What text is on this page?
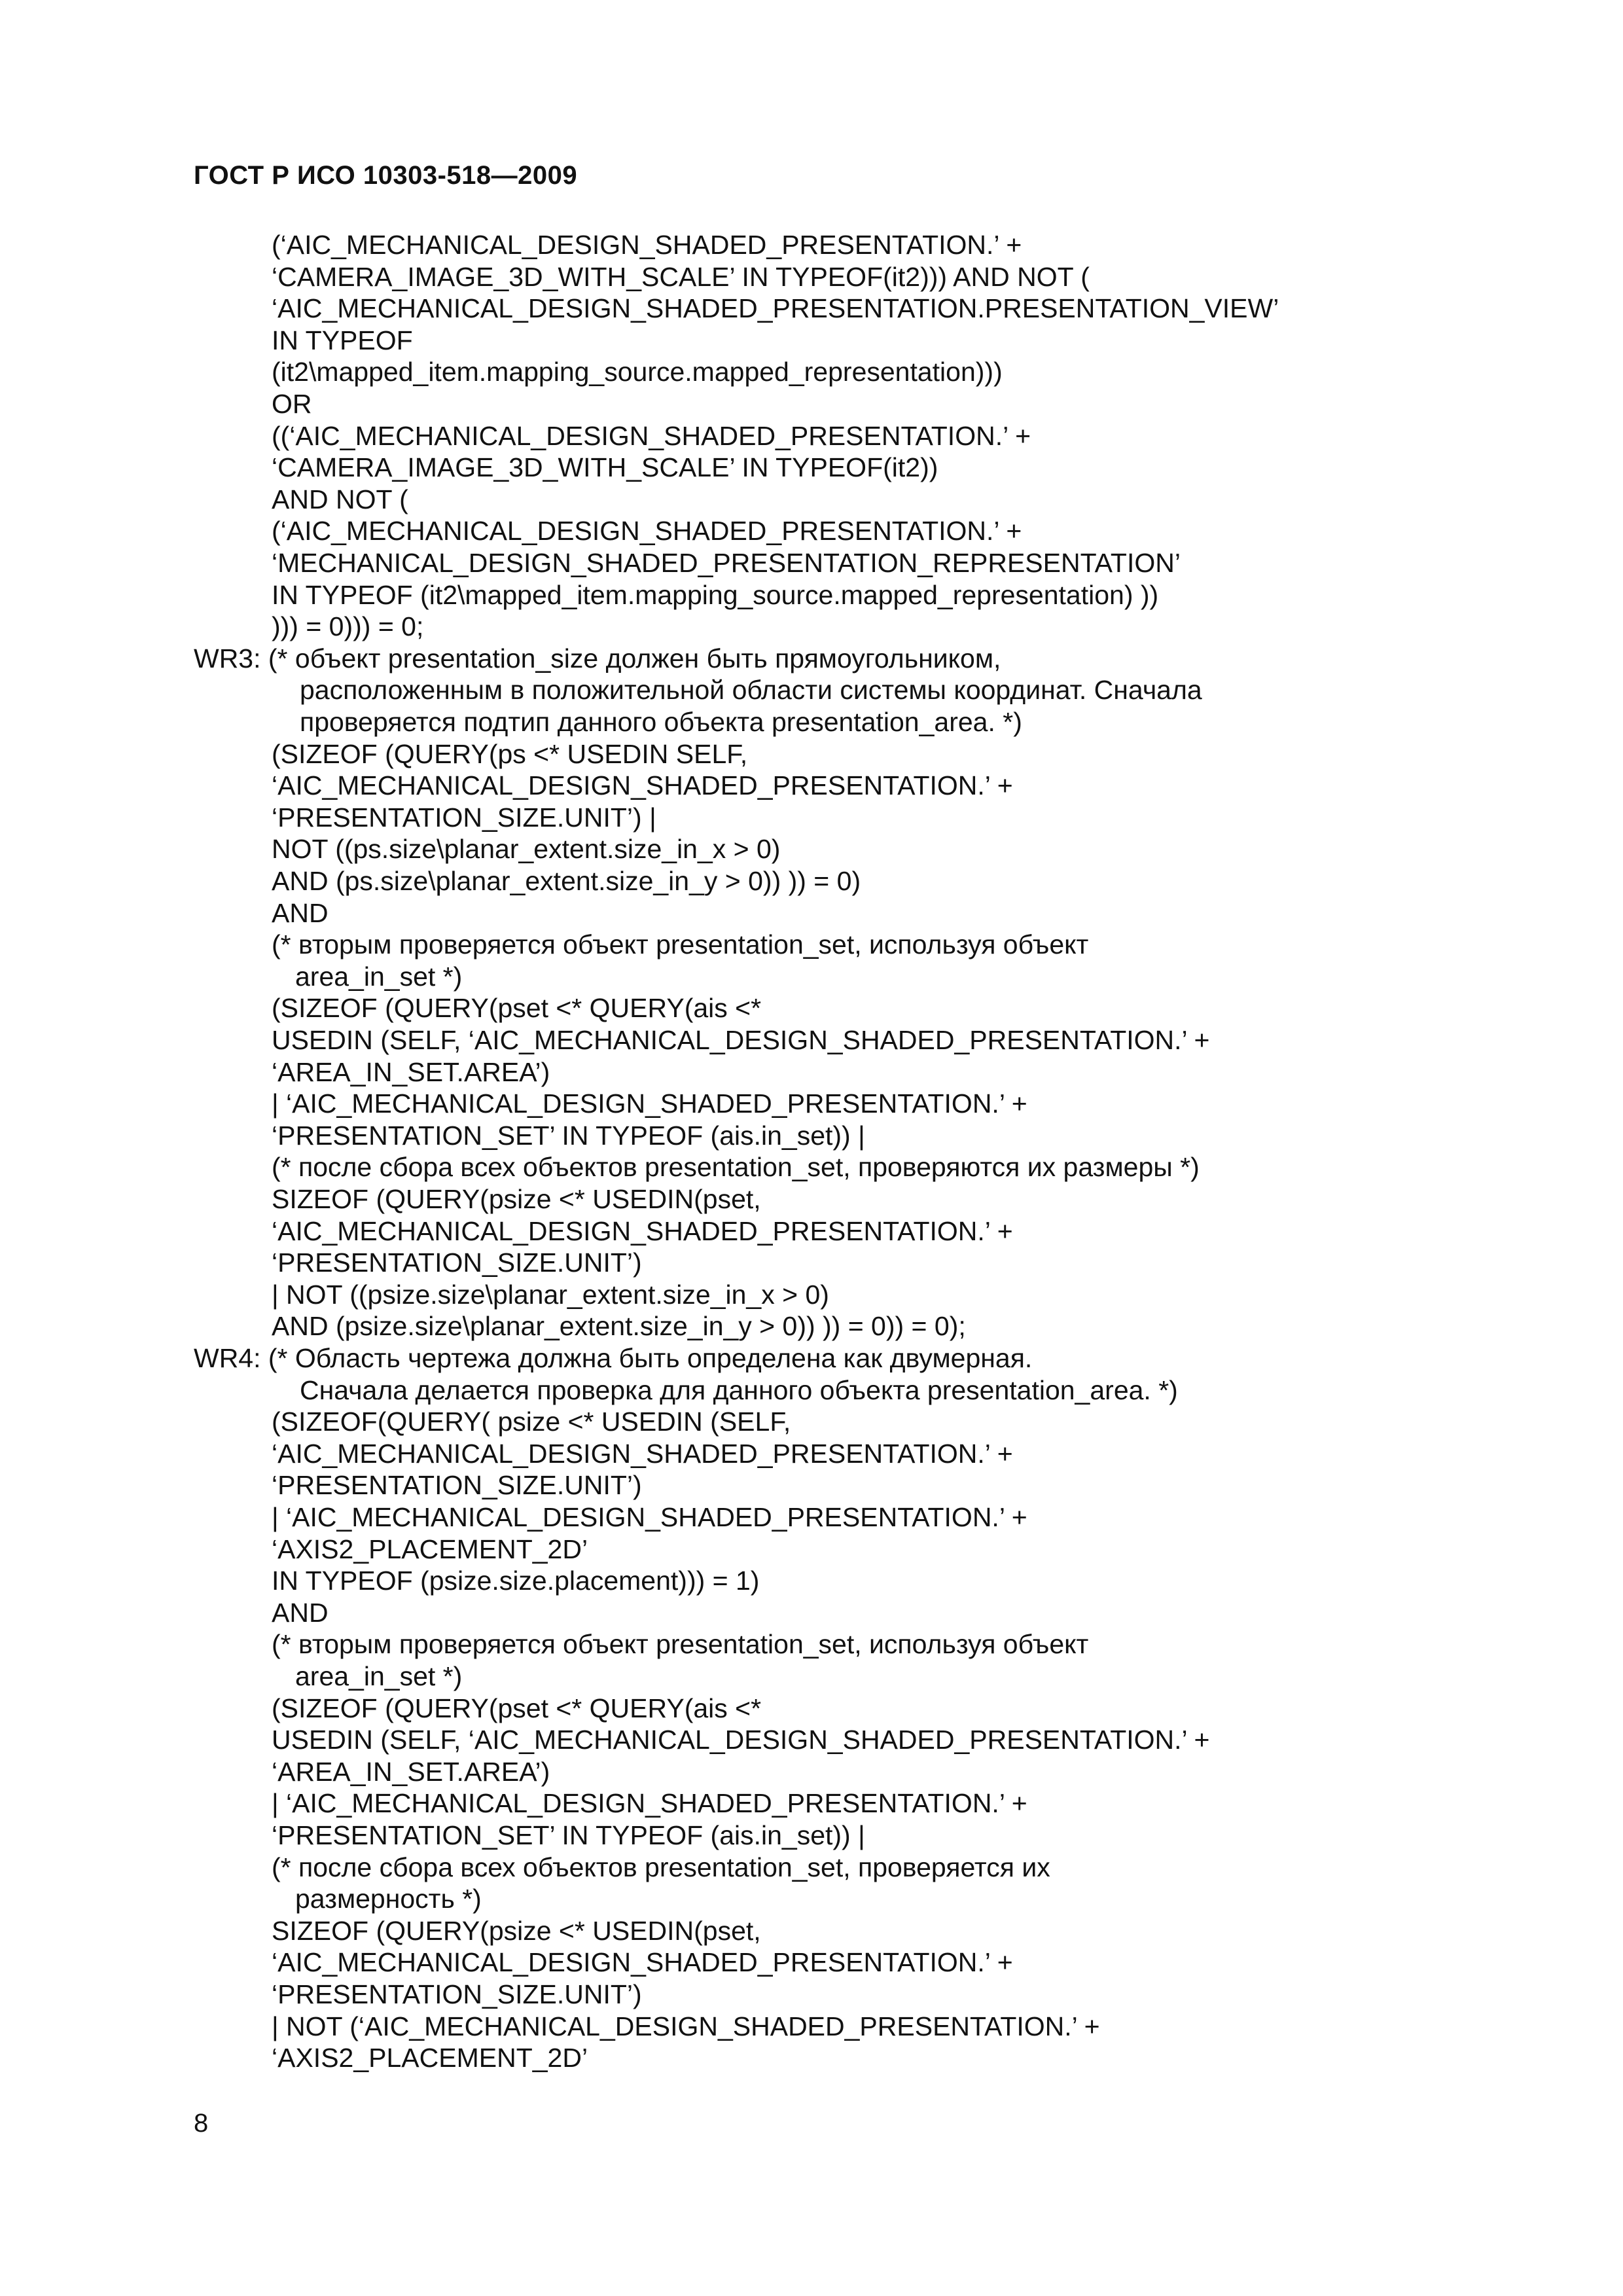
ГОСТ Р ИСО 10303-518—2009
(‘AIC_MECHANICAL_DESIGN_SHADED_PRESENTATION.’ +
‘CAMERA_IMAGE_3D_WITH_SCALE’ IN TYPEOF(it2))) AND NOT (
‘AIC_MECHANICAL_DESIGN_SHADED_PRESENTATION.PRESENTATION_VIEW’
IN TYPEOF
(it2\mapped_item.mapping_source.mapped_representation)))
OR
((‘AIC_MECHANICAL_DESIGN_SHADED_PRESENTATION.’ +
‘CAMERA_IMAGE_3D_WITH_SCALE’ IN TYPEOF(it2))
AND NOT (
(‘AIC_MECHANICAL_DESIGN_SHADED_PRESENTATION.’ +
‘MECHANICAL_DESIGN_SHADED_PRESENTATION_REPRESENTATION’
IN TYPEOF (it2\mapped_item.mapping_source.mapped_representation) ))
))) = 0))) = 0;
WR3: (* объект presentation_size должен быть прямоугольником,
расположенным в положительной области системы координат. Сначала
проверяется подтип данного объекта presentation_area. *)
(SIZEOF (QUERY(ps <* USEDIN SELF,
‘AIC_MECHANICAL_DESIGN_SHADED_PRESENTATION.’ +
‘PRESENTATION_SIZE.UNIT’) |
NOT ((ps.size\planar_extent.size_in_x > 0)
AND (ps.size\planar_extent.size_in_y > 0)) )) = 0)
AND
(* вторым проверяется объект presentation_set, используя объект
area_in_set *)
(SIZEOF (QUERY(pset <* QUERY(ais <*
USEDIN (SELF, ‘AIC_MECHANICAL_DESIGN_SHADED_PRESENTATION.’ +
‘AREA_IN_SET.AREA’)
| ‘AIC_MECHANICAL_DESIGN_SHADED_PRESENTATION.’ +
‘PRESENTATION_SET’ IN TYPEOF (ais.in_set)) |
(* после сбора всех объектов presentation_set, проверяются их размеры *)
SIZEOF (QUERY(psize <* USEDIN(pset,
‘AIC_MECHANICAL_DESIGN_SHADED_PRESENTATION.’ +
‘PRESENTATION_SIZE.UNIT’)
| NOT ((psize.size\planar_extent.size_in_x > 0)
AND (psize.size\planar_extent.size_in_y > 0)) )) = 0)) = 0);
WR4: (* Область чертежа должна быть определена как двумерная.
Сначала делается проверка для данного объекта presentation_area. *)
(SIZEOF(QUERY( psize <* USEDIN (SELF,
‘AIC_MECHANICAL_DESIGN_SHADED_PRESENTATION.’ +
‘PRESENTATION_SIZE.UNIT’)
| ‘AIC_MECHANICAL_DESIGN_SHADED_PRESENTATION.’ +
‘AXIS2_PLACEMENT_2D’
IN TYPEOF (psize.size.placement))) = 1)
AND
(* вторым проверяется объект presentation_set, используя объект
area_in_set *)
(SIZEOF (QUERY(pset <* QUERY(ais <*
USEDIN (SELF, ‘AIC_MECHANICAL_DESIGN_SHADED_PRESENTATION.’ +
‘AREA_IN_SET.AREA’)
| ‘AIC_MECHANICAL_DESIGN_SHADED_PRESENTATION.’ +
‘PRESENTATION_SET’ IN TYPEOF (ais.in_set)) |
(* после сбора всех объектов presentation_set, проверяется их
размерность *)
SIZEOF (QUERY(psize <* USEDIN(pset,
‘AIC_MECHANICAL_DESIGN_SHADED_PRESENTATION.’ +
‘PRESENTATION_SIZE.UNIT’)
| NOT (‘AIC_MECHANICAL_DESIGN_SHADED_PRESENTATION.’ +
‘AXIS2_PLACEMENT_2D’
8
